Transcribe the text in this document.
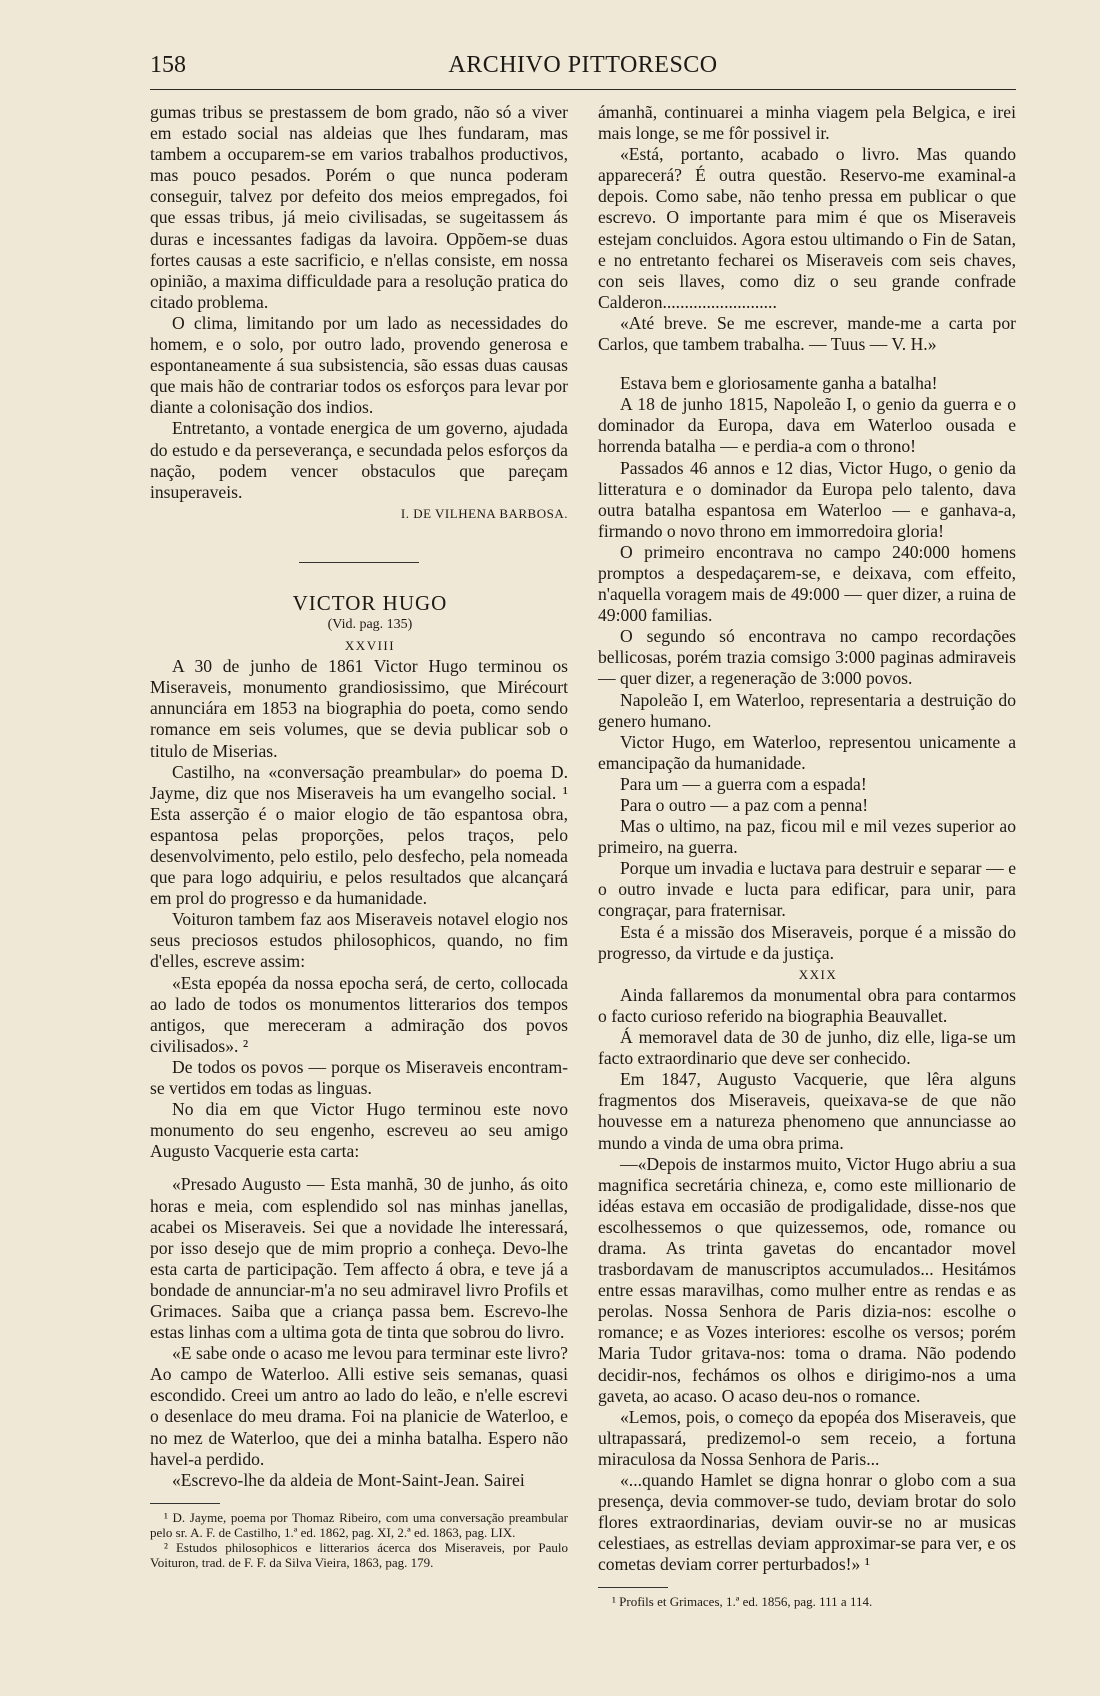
158	ARCHIVO PITTORESCO

gumas tribus se prestassem de bom grado, não só a viver em estado social nas aldeias que lhes fundaram, mas tambem a occuparem-se em varios trabalhos productivos, mas pouco pesados. Porém o que nunca poderam conseguir, talvez por defeito dos meios empregados, foi que essas tribus, já meio civilisadas, se sugeitassem ás duras e incessantes fadigas da lavoira. Oppõem-se duas fortes causas a este sacrificio, e n'ellas consiste, em nossa opinião, a maxima difficuldade para a resolução pratica do citado problema.

O clima, limitando por um lado as necessidades do homem, e o solo, por outro lado, provendo generosa e espontaneamente á sua subsistencia, são essas duas causas que mais hão de contrariar todos os esforços para levar por diante a colonisação dos indios.

Entretanto, a vontade energica de um governo, ajudada do estudo e da perseverança, e secundada pelos esforços da nação, podem vencer obstaculos que pareçam insuperaveis.

I. DE VILHENA BARBOSA.

VICTOR HUGO

(Vid. pag. 135)

XXVIII

A 30 de junho de 1861 Victor Hugo terminou os Miseraveis, monumento grandiosissimo, que Mirécourt annunciára em 1853 na biographia do poeta, como sendo romance em seis volumes, que se devia publicar sob o titulo de Miserias.

Castilho, na «conversação preambular» do poema D. Jayme, diz que nos Miseraveis ha um evangelho social. ¹ Esta asserção é o maior elogio de tão espantosa obra, espantosa pelas proporções, pelos traços, pelo desenvolvimento, pelo estilo, pelo desfecho, pela nomeada que para logo adquiriu, e pelos resultados que alcançará em prol do progresso e da humanidade.

Voituron tambem faz aos Miseraveis notavel elogio nos seus preciosos estudos philosophicos, quando, no fim d'elles, escreve assim:

«Esta epopéa da nossa epocha será, de certo, collocada ao lado de todos os monumentos litterarios dos tempos antigos, que mereceram a admiração dos povos civilisados». ²

De todos os povos — porque os Miseraveis encontram-se vertidos em todas as linguas.

No dia em que Victor Hugo terminou este novo monumento do seu engenho, escreveu ao seu amigo Augusto Vacquerie esta carta:

«Presado Augusto — Esta manhã, 30 de junho, ás oito horas e meia, com esplendido sol nas minhas janellas, acabei os Miseraveis. Sei que a novidade lhe interessará, por isso desejo que de mim proprio a conheça. Devo-lhe esta carta de participação. Tem affecto á obra, e teve já a bondade de annunciar-m'a no seu admiravel livro Profils et Grimaces. Saiba que a criança passa bem. Escrevo-lhe estas linhas com a ultima gota de tinta que sobrou do livro.

«E sabe onde o acaso me levou para terminar este livro? Ao campo de Waterloo. Alli estive seis semanas, quasi escondido. Creei um antro ao lado do leão, e n'elle escrevi o desenlace do meu drama. Foi na planicie de Waterloo, e no mez de Waterloo, que dei a minha batalha. Espero não havel-a perdido.

«Escrevo-lhe da aldeia de Mont-Saint-Jean. Sairei

¹ D. Jayme, poema por Thomaz Ribeiro, com uma conversação preambular pelo sr. A. F. de Castilho, 1.ª ed. 1862, pag. XI, 2.ª ed. 1863, pag. LIX.

² Estudos philosophicos e litterarios ácerca dos Miseraveis, por Paulo Voituron, trad. de F. F. da Silva Vieira, 1863, pag. 179.

ámanhã, continuarei a minha viagem pela Belgica, e irei mais longe, se me fôr possivel ir.

«Está, portanto, acabado o livro. Mas quando apparecerá? É outra questão. Reservo-me examinal-a depois. Como sabe, não tenho pressa em publicar o que escrevo. O importante para mim é que os Miseraveis estejam concluidos. Agora estou ultimando o Fin de Satan, e no entretanto fecharei os Miseraveis com seis chaves, con seis llaves, como diz o seu grande confrade Calderon..........................

«Até breve. Se me escrever, mande-me a carta por Carlos, que tambem trabalha. — Tuus — V. H.»

Estava bem e gloriosamente ganha a batalha!

A 18 de junho 1815, Napoleão I, o genio da guerra e o dominador da Europa, dava em Waterloo ousada e horrenda batalha — e perdia-a com o throno!

Passados 46 annos e 12 dias, Victor Hugo, o genio da litteratura e o dominador da Europa pelo talento, dava outra batalha espantosa em Waterloo — e ganhava-a, firmando o novo throno em immorredoira gloria!

O primeiro encontrava no campo 240:000 homens promptos a despedaçarem-se, e deixava, com effeito, n'aquella voragem mais de 49:000 — quer dizer, a ruina de 49:000 familias.

O segundo só encontrava no campo recordações bellicosas, porém trazia comsigo 3:000 paginas admiraveis — quer dizer, a regeneração de 3:000 povos.

Napoleão I, em Waterloo, representaria a destruição do genero humano.

Victor Hugo, em Waterloo, representou unicamente a emancipação da humanidade.

Para um — a guerra com a espada!

Para o outro — a paz com a penna!

Mas o ultimo, na paz, ficou mil e mil vezes superior ao primeiro, na guerra.

Porque um invadia e luctava para destruir e separar — e o outro invade e lucta para edificar, para unir, para congraçar, para fraternisar.

Esta é a missão dos Miseraveis, porque é a missão do progresso, da virtude e da justiça.

XXIX

Ainda fallaremos da monumental obra para contarmos o facto curioso referido na biographia Beauvallet.

Á memoravel data de 30 de junho, diz elle, liga-se um facto extraordinario que deve ser conhecido.

Em 1847, Augusto Vacquerie, que lêra alguns fragmentos dos Miseraveis, queixava-se de que não houvesse em a natureza phenomeno que annunciasse ao mundo a vinda de uma obra prima.

—«Depois de instarmos muito, Victor Hugo abriu a sua magnifica secretária chineza, e, como este millionario de idéas estava em occasião de prodigalidade, disse-nos que escolhessemos o que quizessemos, ode, romance ou drama. As trinta gavetas do encantador movel trasbordavam de manuscriptos accumulados... Hesitámos entre essas maravilhas, como mulher entre as rendas e as perolas. Nossa Senhora de Paris dizia-nos: escolhe o romance; e as Vozes interiores: escolhe os versos; porém Maria Tudor gritava-nos: toma o drama. Não podendo decidir-nos, fechámos os olhos e dirigimo-nos a uma gaveta, ao acaso. O acaso deu-nos o romance.

«Lemos, pois, o começo da epopéa dos Miseraveis, que ultrapassará, predizemol-o sem receio, a fortuna miraculosa da Nossa Senhora de Paris...

«...quando Hamlet se digna honrar o globo com a sua presença, devia commover-se tudo, deviam brotar do solo flores extraordinarias, deviam ouvir-se no ar musicas celestiaes, as estrellas deviam approximar-se para ver, e os cometas deviam correr perturbados!» ¹

¹ Profils et Grimaces, 1.ª ed. 1856, pag. 111 a 114.
